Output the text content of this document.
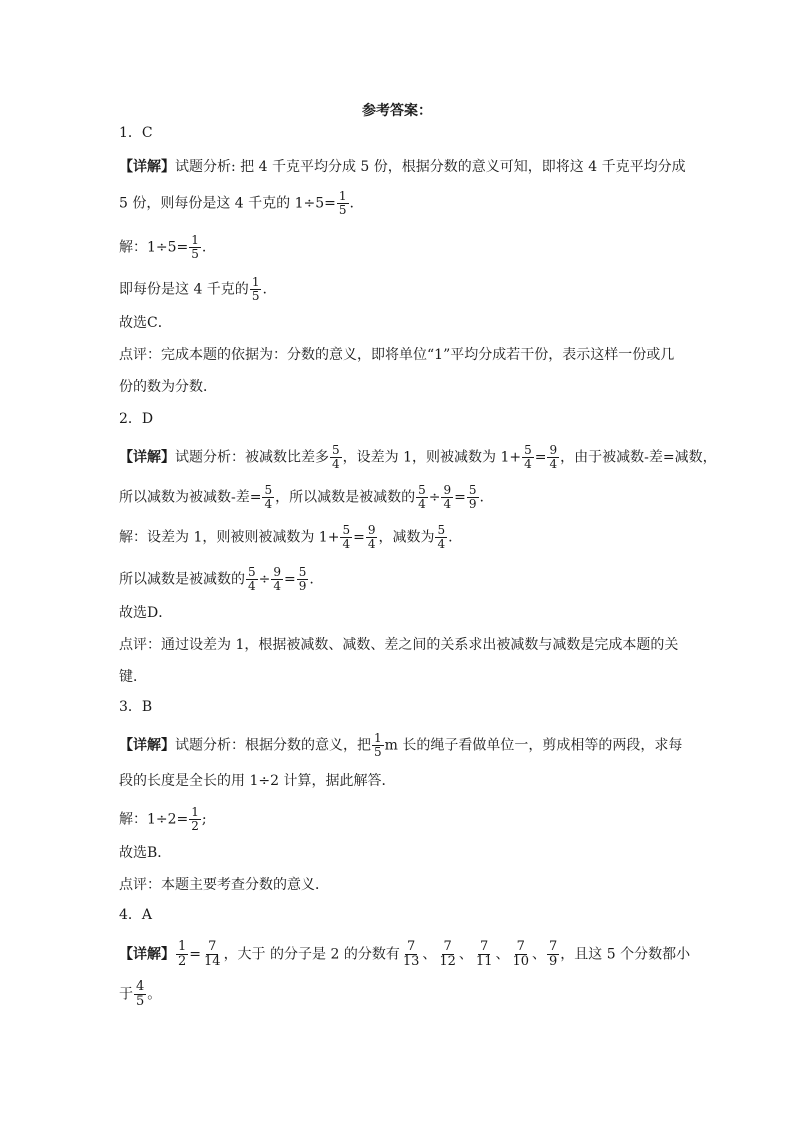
参考答案：
1．C
【详解】试题分析: 把 4 千克平均分成 5 份，根据分数的意义可知，即将这 4 千克平均分成
5 份，则每份是这 4 千克的 $1\div 5= \frac{1}{5}$ .
解：$1\div 5= \frac{1}{5}$ .
即每份是这 4 千克的 $\frac{1}{5}$ .
故选C．
点评：完成本题的依据为：分数的意义，即将单位“1”平均分成若干份，表示这样一份或几
份的数为分数．
2．D
【详解】试题分析：被减数比差多 $\frac{5}{4}$ ，设差为 1，则被减数为 $1+ \frac{5}{4} = \frac{9}{4}$ ，由于被减数-差=减数，
所以减数为被减数-差= $\frac{5}{4}$ ，所以减数是被减数的 $\frac{5}{4} \div \frac{9}{4} = \frac{5}{9}$ .
解：设差为 1，则被则被减数为 $1+ \frac{5}{4} = \frac{9}{4}$ ，减数为 $\frac{5}{4}$ .
所以减数是被减数的 $\frac{5}{4} \div \frac{9}{4} = \frac{5}{9}$ .
故选D．
点评：通过设差为 1，根据被减数、减数、差之间的关系求出被减数与减数是完成本题的关
键．
3．B
【详解】试题分析：根据分数的意义，把 $\frac{1}{5}$ m 长的绳子看做单位一，剪成相等的两段，求每
段的长度是全长的用 1÷2 计算，据此解答．
解：$1\div 2= \frac{1}{2}$ ;
故选B．
点评：本题主要考查分数的意义．
4．A
【详解】 $\frac{1}{2} = \frac{7}{14}$ ，大于 的分子是 2 的分数有 $\frac{7}{13}$ 、 $\frac{7}{12}$ 、 $\frac{7}{11}$ 、 $\frac{7}{10}$ 、 $\frac{7}{9}$ ，且这 5 个分数都小
于 $\frac{4}{5}$ 。
